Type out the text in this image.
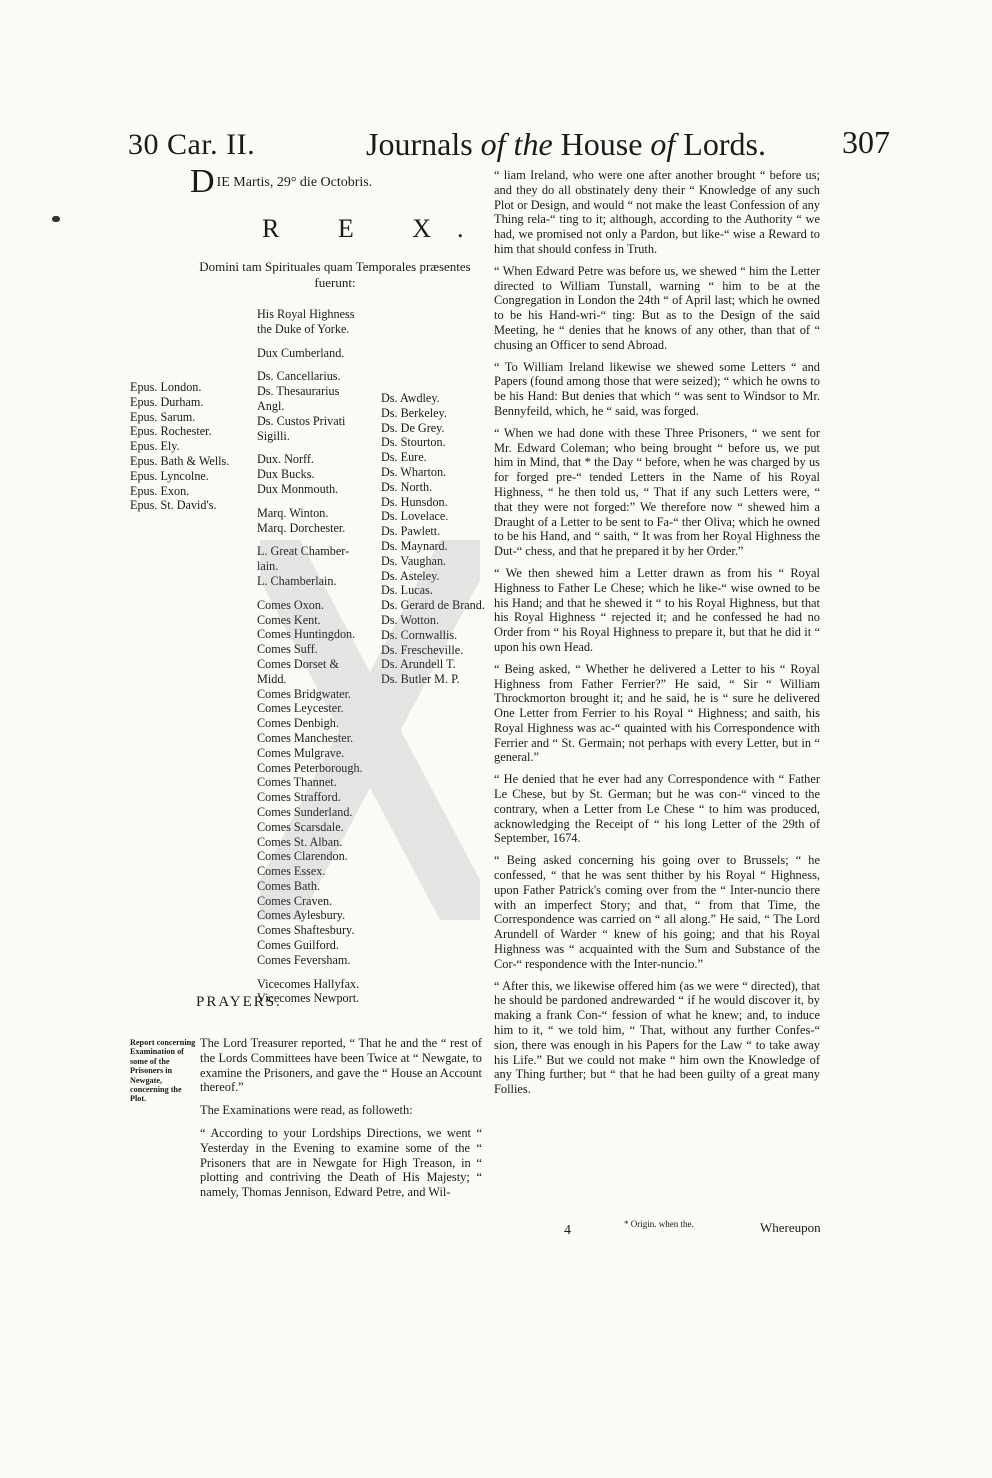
30 Car. II.	Journals of the House of Lords. 307
DIE Martis, 29° die Octobris.
R E X.
Domini tam Spirituales quam Temporales præsentes fuerunt:
His Royal Highness
the Duke of Yorke.
Dux Cumberland.
Ds. Cancellarius.
Ds. Thesaurarius
Angl.
Ds. Custos Privati
Sigilli.
Dux. Norff.
Dux Bucks.
Dux Monmouth.
Marq. Winton.
Marq. Dorchester.
L. Great Chamber-
lain.
L. Chamberlain.
Comes Oxon.
Comes Kent.
Comes Huntingdon.
Comes Suff.
Comes Dorset &
Midd.
Comes Bridgwater.
Comes Leycester.
Comes Denbigh.
Comes Manchester.
Comes Mulgrave.
Comes Peterborough.
Comes Thannet.
Comes Strafford.
Comes Sunderland.
Comes Scarsdale.
Comes St. Alban.
Comes Clarendon.
Comes Essex.
Comes Bath.
Comes Craven.
Comes Aylesbury.
Comes Shaftesbury.
Comes Guilford.
Comes Feversham.
Vicecomes Hallyfax.
Vicecomes Newport.
Epus. London.
Epus. Durham.
Epus. Sarum.
Epus. Rochester.
Epus. Ely.
Epus. Bath & Wells.
Epus. Lyncolne.
Epus. Exon.
Epus. St. David's.
Ds. Awdley.
Ds. Berkeley.
Ds. De Grey.
Ds. Stourton.
Ds. Eure.
Ds. Wharton.
Ds. North.
Ds. Hunsdon.
Ds. Lovelace.
Ds. Pawlett.
Ds. Maynard.
Ds. Vaughan.
Ds. Asteley.
Ds. Lucas.
Ds. Gerard de Brand.
Ds. Wotton.
Ds. Cornwallis.
Ds. Frescheville.
Ds. Arundell T.
Ds. Butler M. P.
PRAYERS.
Report concerning Examination of some of the Prisoners in Newgate, concerning the Plot.

The Lord Treasurer reported, “ That he and the “ rest of the Lords Committees have been Twice at “ Newgate, to examine the Prisoners, and gave the “ House an Account thereof.”

The Examinations were read, as followeth:

“ According to your Lordships Directions, we went “ Yesterday in the Evening to examine some of the “ Prisoners that are in Newgate for High Treason, in “ plotting and contriving the Death of His Majesty; “ namely, Thomas Jennison, Edward Petre, and Wil-

“ liam Ireland, who were one after another brought “ before us; and they do all obstinately deny their “ Knowledge of any such Plot or Design, and would “ not make the least Confession of any Thing rela-“ ting to it; although, according to the Authority “ we had, we promised not only a Pardon, but like-“ wise a Reward to him that should confess in Truth.

“ When Edward Petre was before us, we shewed “ him the Letter directed to William Tunstall, warning “ him to be at the Congregation in London the 24th “ of April last; which he owned to be his Hand-wri-“ ting: But as to the Design of the said Meeting, he “ denies that he knows of any other, than that of “ chusing an Officer to send Abroad.

“ To William Ireland likewise we shewed some Letters “ and Papers (found among those that were seized); “ which he owns to be his Hand: But denies that which “ was sent to Windsor to Mr. Bennyfeild, which, he “ said, was forged.

“ When we had done with these Three Prisoners, “ we sent for Mr. Edward Coleman; who being brought “ before us, we put him in Mind, that * the Day “ before, when he was charged by us for forged pre-“ tended Letters in the Name of his Royal Highness, “ he then told us, “ That if any such Letters were, “ that they were not forged:” We therefore now “ shewed him a Draught of a Letter to be sent to Fa-“ ther Oliva; which he owned to be his Hand, and “ saith, “ It was from her Royal Highness the Dut-“ chess, and that he prepared it by her Order.”

“ We then shewed him a Letter drawn as from his “ Royal Highness to Father Le Chese; which he like-“ wise owned to be his Hand; and that he shewed it “ to his Royal Highness, but that his Royal Highness “ rejected it; and he confessed he had no Order from “ his Royal Highness to prepare it, but that he did it “ upon his own Head.

“ Being asked, “ Whether he delivered a Letter to his “ Royal Highness from Father Ferrier?” He said, “ Sir “ William Throckmorton brought it; and he said, he is “ sure he delivered One Letter from Ferrier to his Royal “ Highness; and saith, his Royal Highness was ac-“ quainted with his Correspondence with Ferrier and “ St. Germain; not perhaps with every Letter, but in “ general.”

“ He denied that he ever had any Correspondence with “ Father Le Chese, but by St. German; but he was con-“ vinced to the contrary, when a Letter from Le Chese “ to him was produced, acknowledging the Receipt of “ his long Letter of the 29th of September, 1674.

“ Being asked concerning his going over to Brussels; “ he confessed, “ that he was sent thither by his Royal “ Highness, upon Father Patrick's coming over from the “ Inter-nuncio there with an imperfect Story; and that, “ from that Time, the Correspondence was carried on “ all along.” He said, “ The Lord Arundell of Warder “ knew of his going; and that his Royal Highness was “ acquainted with the Sum and Substance of the Cor-“ respondence with the Inter-nuncio.”

“ After this, we likewise offered him (as we were “ directed), that he should be pardoned andrewarded “ if he would discover it, by making a frank Con-“ fession of what he knew; and, to induce him to it, “ we told him, “ That, without any further Confes-“ sion, there was enough in his Papers for the Law “ to take away his Life.” But we could not make “ him own the Knowledge of any Thing further; but “ that he had been guilty of a great many Follies.

* Origin. when the.
4	Whereupon
